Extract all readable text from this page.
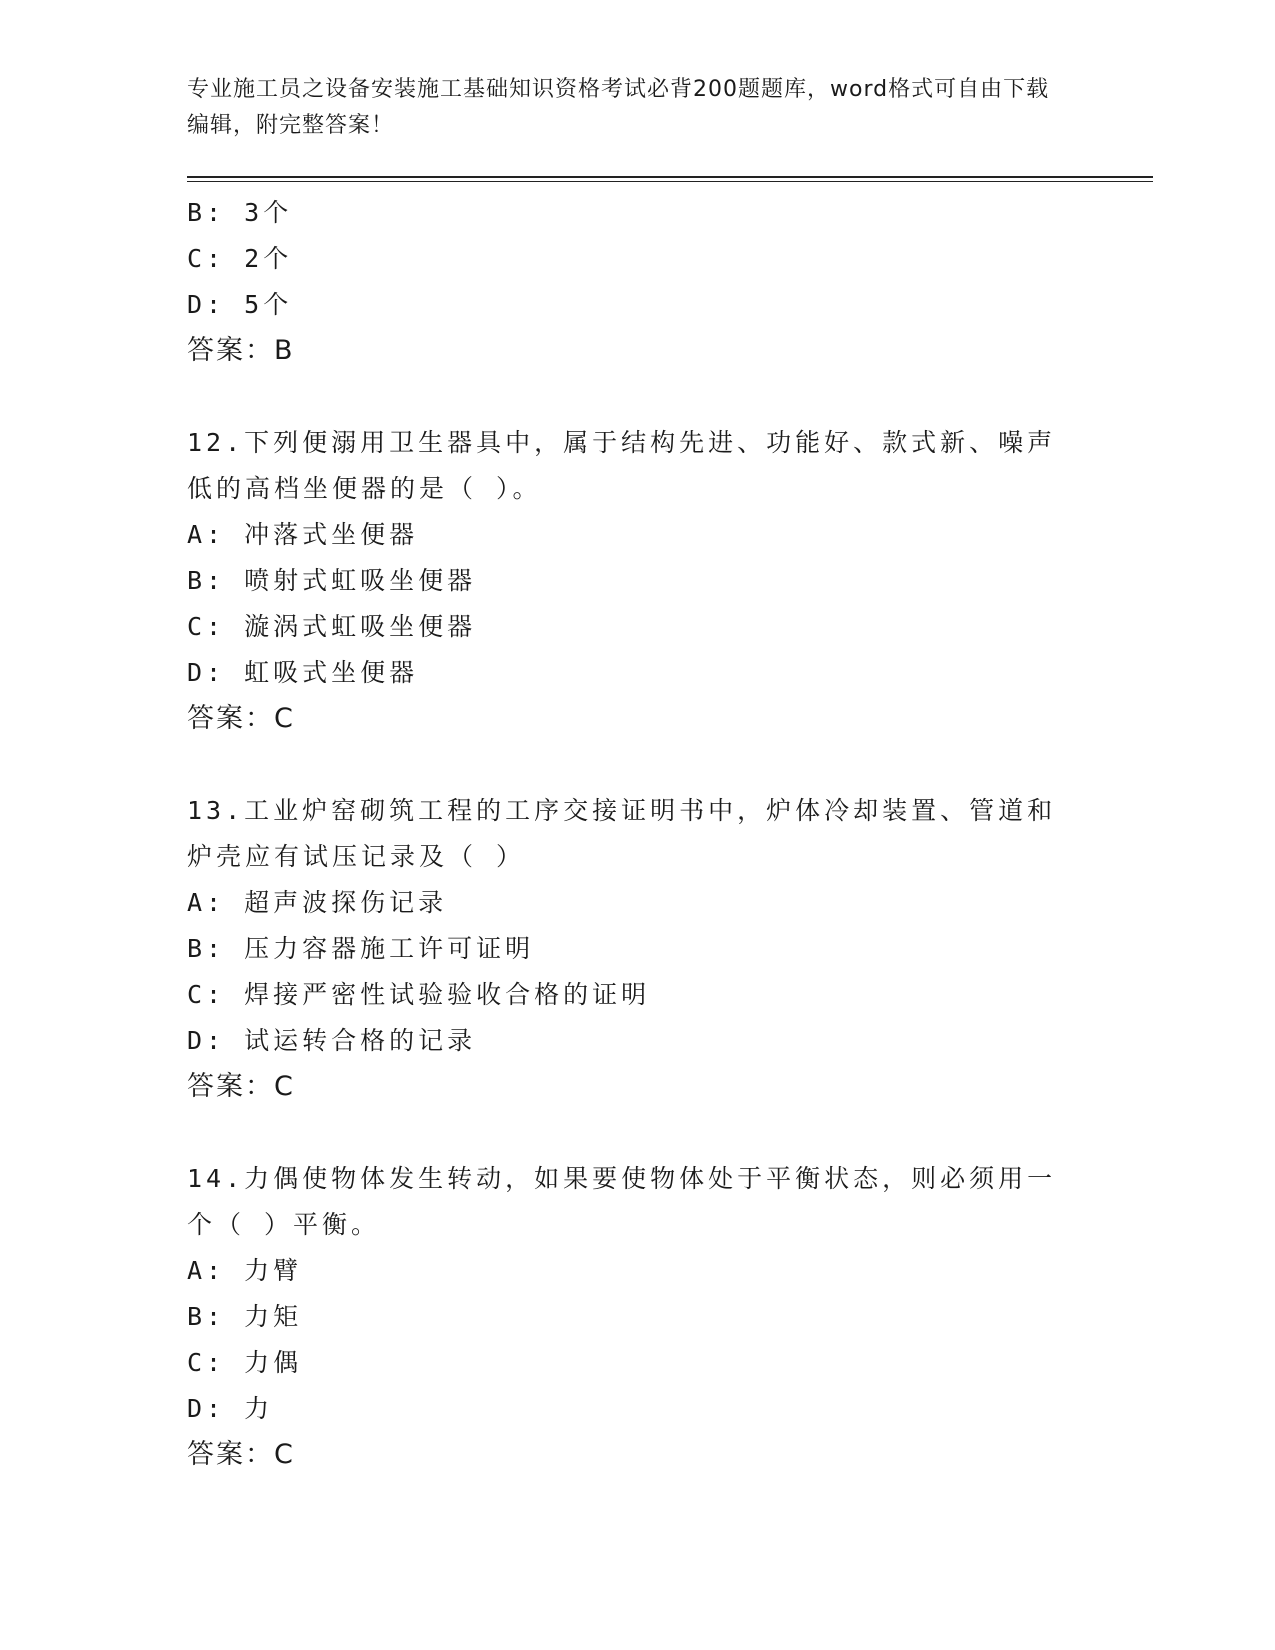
专业施工员之设备安装施工基础知识资格考试必背200题题库，word格式可自由下载编辑，附完整答案！
B: 3个
C: 2个
D: 5个
答案：B
12.下列便溺用卫生器具中，属于结构先进、功能好、款式新、噪声低的高档坐便器的是（ ）。
A: 冲落式坐便器
B: 喷射式虹吸坐便器
C: 漩涡式虹吸坐便器
D: 虹吸式坐便器
答案：C
13.工业炉窑砌筑工程的工序交接证明书中，炉体冷却装置、管道和炉壳应有试压记录及（ ）
A: 超声波探伤记录
B: 压力容器施工许可证明
C: 焊接严密性试验验收合格的证明
D: 试运转合格的记录
答案：C
14.力偶使物体发生转动，如果要使物体处于平衡状态，则必须用一个（ ）平衡。
A: 力臂
B: 力矩
C: 力偶
D: 力
答案：C
